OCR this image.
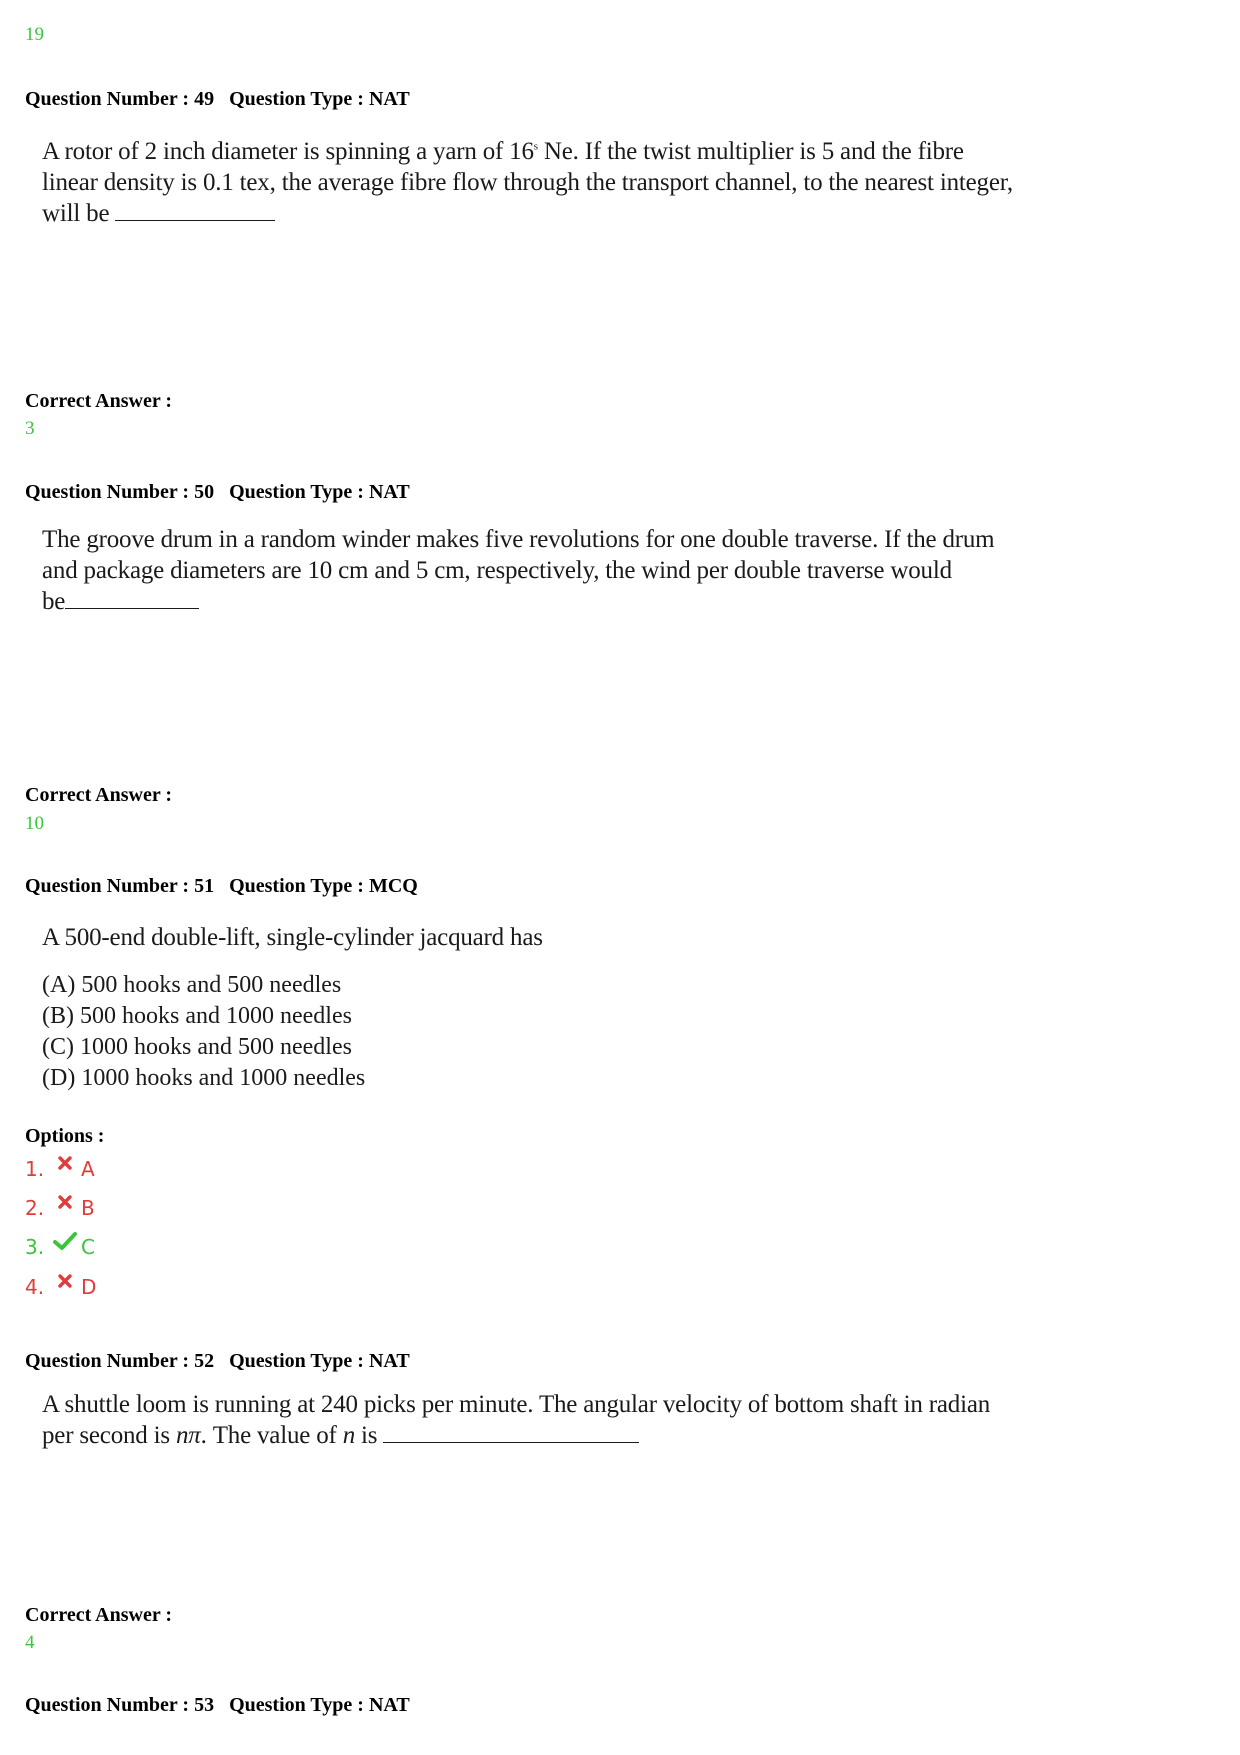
19
Question Number : 49 Question Type : NAT
A rotor of 2 inch diameter is spinning a yarn of 16$^s$ Ne. If the twist multiplier is 5 and the fibre
linear density is 0.1 tex, the average fibre flow through the transport channel, to the nearest integer,
will be
Correct Answer :
3
Question Number : 50 Question Type : NAT
The groove drum in a random winder makes five revolutions for one double traverse. If the drum
and package diameters are 10 cm and 5 cm, respectively, the wind per double traverse would
be
Correct Answer :
10
Question Number : 51 Question Type : MCQ
A 500-end double-lift, single-cylinder jacquard has
(A) 500 hooks and 500 needles
(B) 500 hooks and 1000 needles
(C) 1000 hooks and 500 needles
(D) 1000 hooks and 1000 needles
Options :
1.	A
2.	B
3.	C
4.	D
Question Number : 52 Question Type : NAT
A shuttle loom is running at 240 picks per minute. The angular velocity of bottom shaft in radian
per second is nπ. The value of n is
Correct Answer :
4
Question Number : 53 Question Type : NAT
